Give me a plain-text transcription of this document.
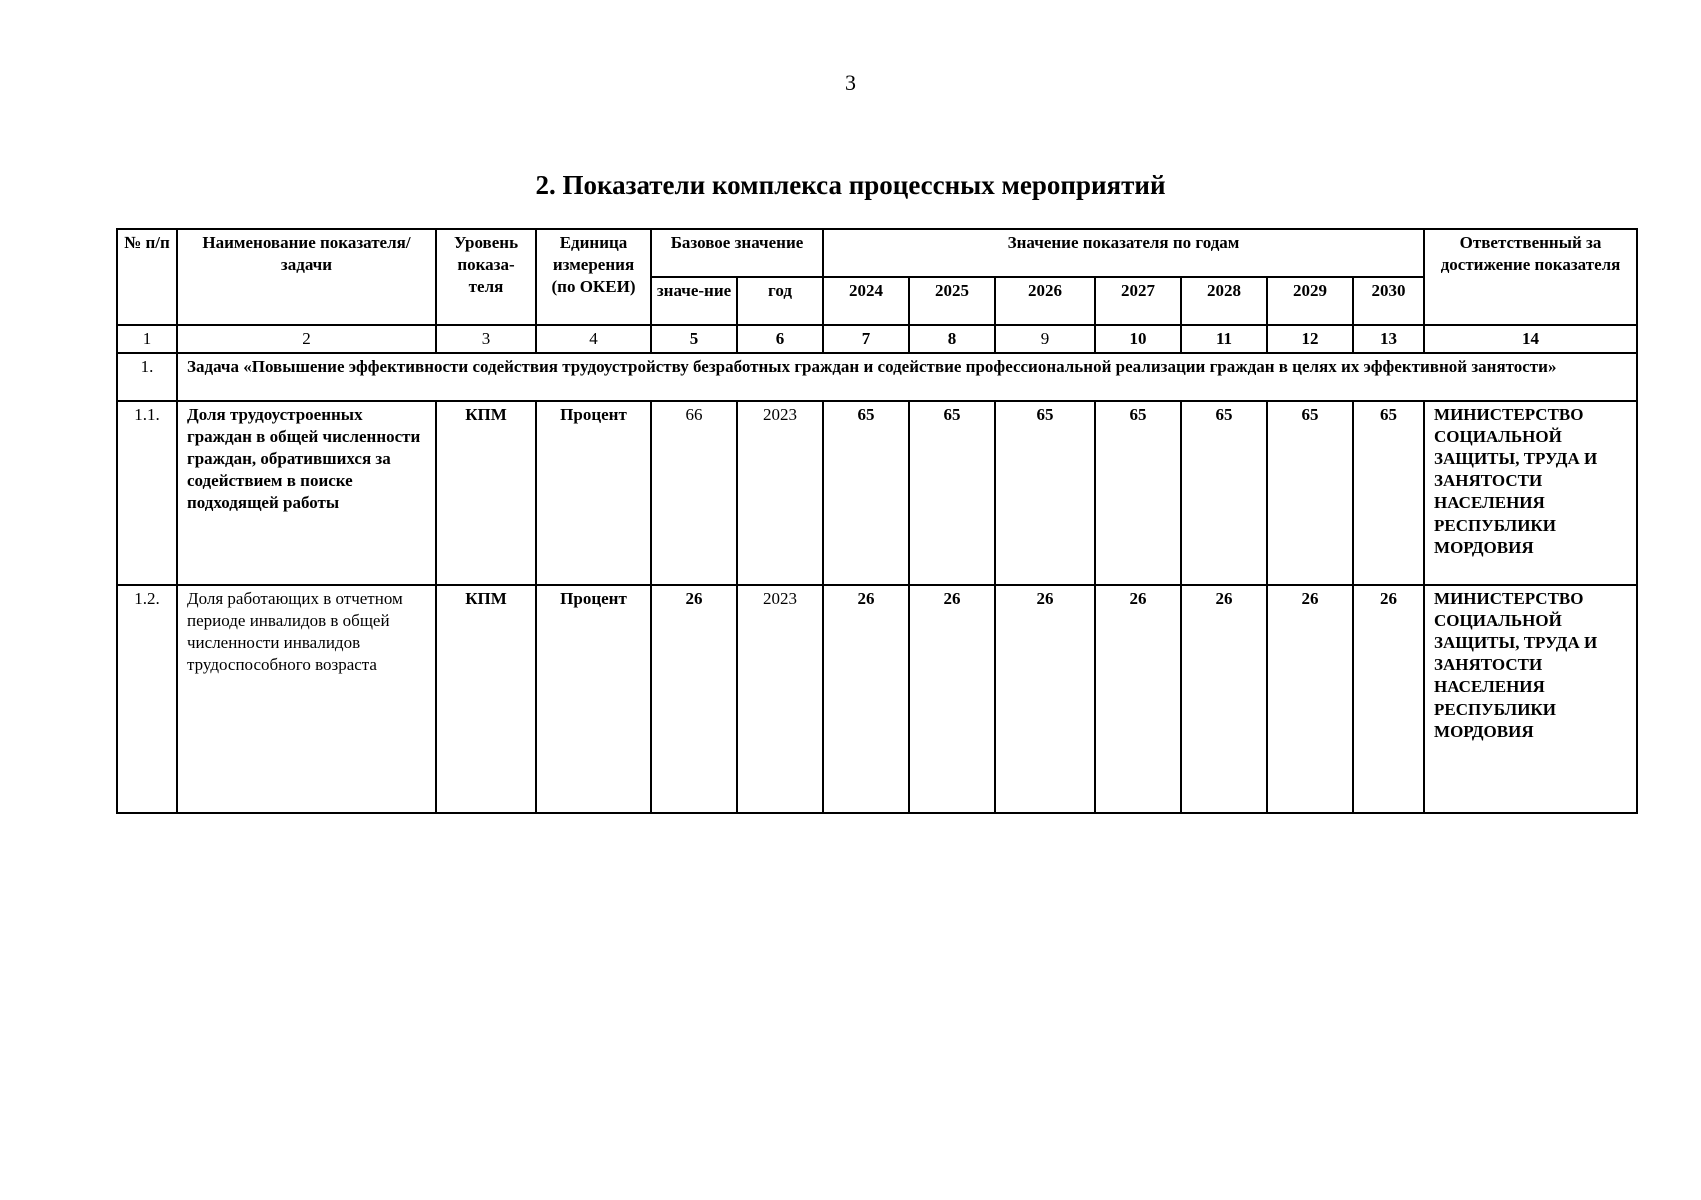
3
2. Показатели комплекса процессных мероприятий
№ п/п	Наименование показателя/задачи	Уровень показа-теля	Единица измерения (по ОКЕИ)	Базовое значение		Значение показателя по годам							Ответственный за достижение показателя
				значе-ние	год	2024	2025	2026	2027	2028	2029	2030	
1	2	3	4	5	6	7	8	9	10	11	12	13	14
1.	Задача «Повышение эффективности содействия трудоустройству безработных граждан и содействие профессиональной реализации граждан в целях их эффективной занятости»												
1.1.	Доля трудоустроенных граждан в общей численности граждан, обратившихся за содействием в поиске подходящей работы	КПМ	Процент	66	2023	65	65	65	65	65	65	65	МИНИСТЕРСТВО СОЦИАЛЬНОЙ ЗАЩИТЫ, ТРУДА И ЗАНЯТОСТИ НАСЕЛЕНИЯ РЕСПУБЛИКИ МОРДОВИЯ
1.2.	Доля работающих в отчетном периоде инвалидов в общей численности инвалидов трудоспособного возраста	КПМ	Процент	26	2023	26	26	26	26	26	26	26	МИНИСТЕРСТВО СОЦИАЛЬНОЙ ЗАЩИТЫ, ТРУДА И ЗАНЯТОСТИ НАСЕЛЕНИЯ РЕСПУБЛИКИ МОРДОВИЯ
